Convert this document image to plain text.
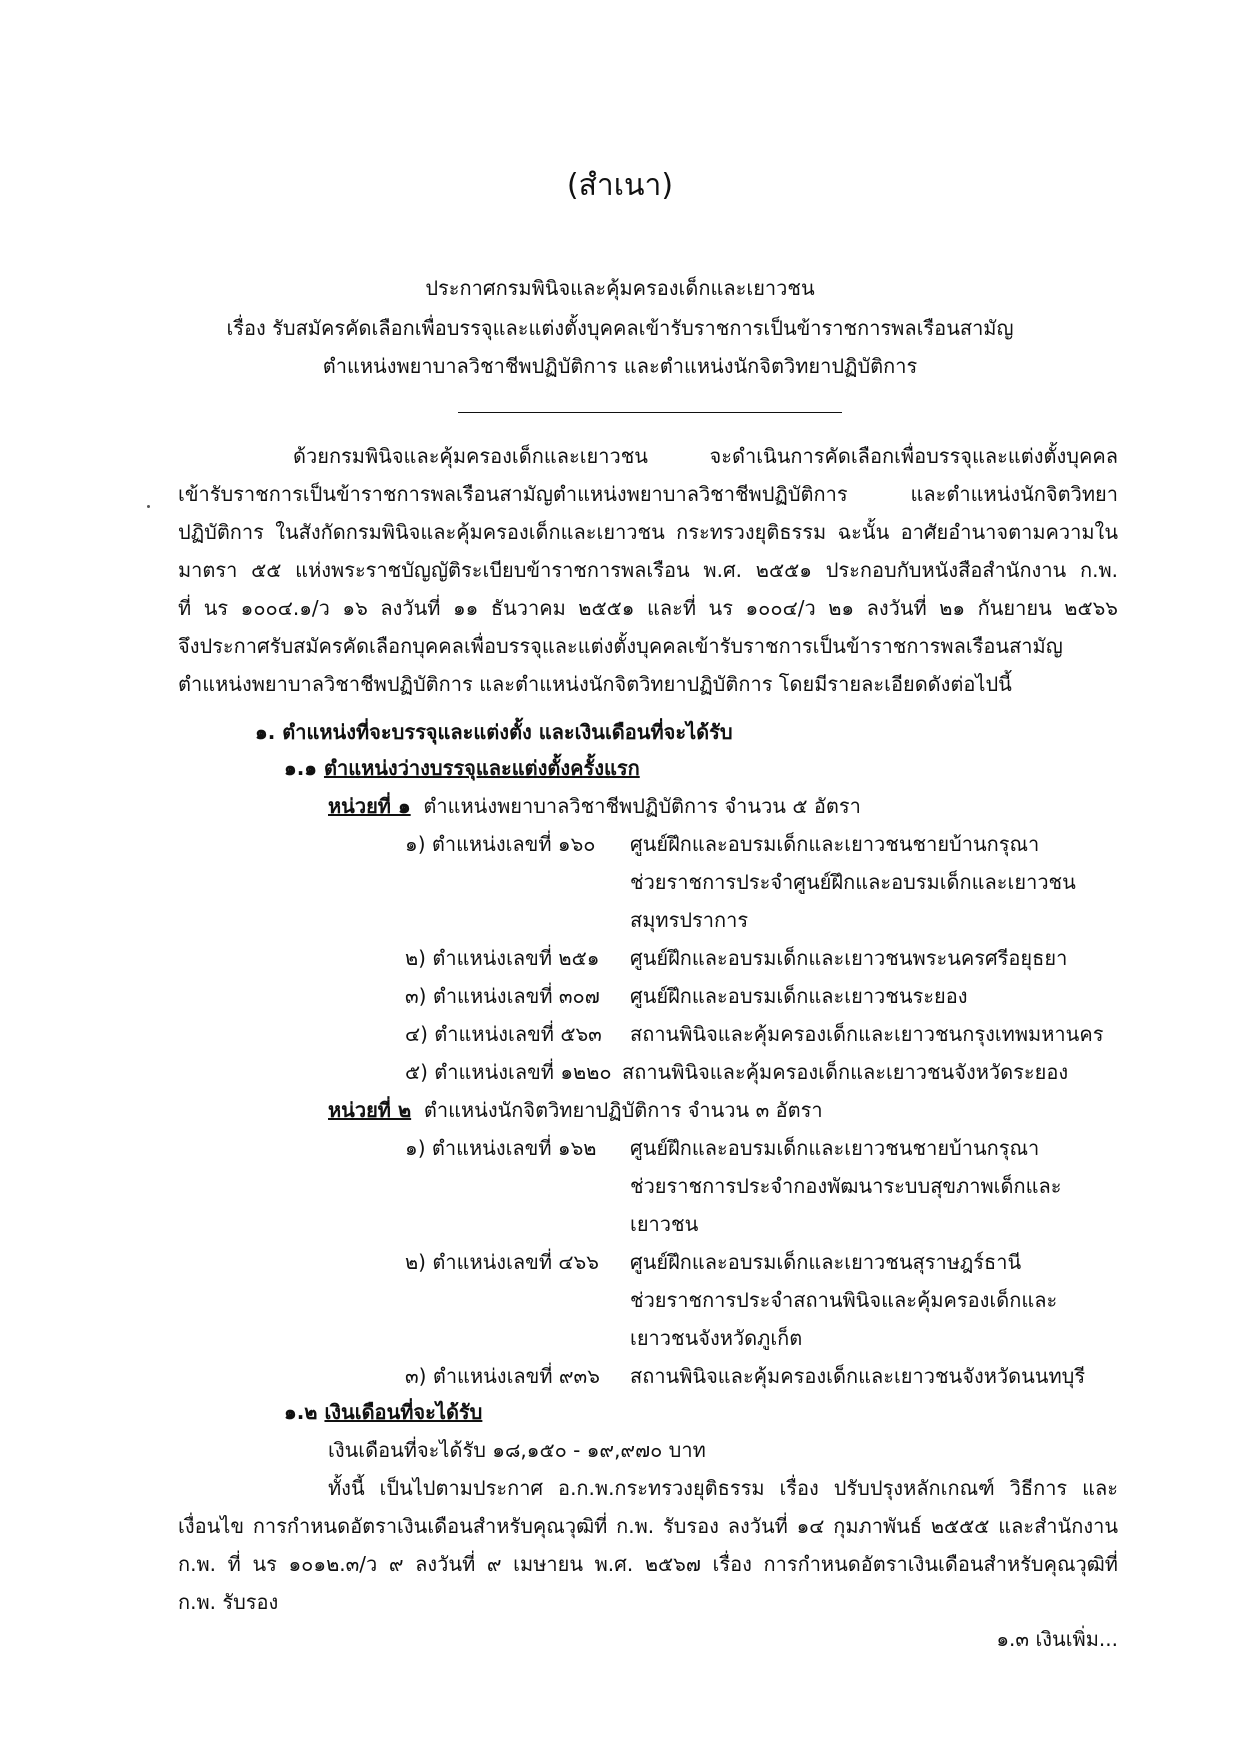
(สำเนา)
ประกาศกรมพินิจและคุ้มครองเด็กและเยาวชน
เรื่อง รับสมัครคัดเลือกเพื่อบรรจุและแต่งตั้งบุคคลเข้ารับราชการเป็นข้าราชการพลเรือนสามัญ
ตำแหน่งพยาบาลวิชาชีพปฏิบัติการ และตำแหน่งนักจิตวิทยาปฏิบัติการ
ด้วยกรมพินิจและคุ้มครองเด็กและเยาวชน จะดำเนินการคัดเลือกเพื่อบรรจุและแต่งตั้งบุคคล
เข้ารับราชการเป็นข้าราชการพลเรือนสามัญตำแหน่งพยาบาลวิชาชีพปฏิบัติการ และตำแหน่งนักจิตวิทยา
ปฏิบัติการ ในสังกัดกรมพินิจและคุ้มครองเด็กและเยาวชน กระทรวงยุติธรรม ฉะนั้น อาศัยอำนาจตามความใน
มาตรา ๕๕ แห่งพระราชบัญญัติระเบียบข้าราชการพลเรือน พ.ศ. ๒๕๕๑ ประกอบกับหนังสือสำนักงาน ก.พ.
ที่ นร ๑๐๐๔.๑/ว ๑๖ ลงวันที่ ๑๑ ธันวาคม ๒๕๕๑ และที่ นร ๑๐๐๔/ว ๒๑ ลงวันที่ ๒๑ กันยายน ๒๕๖๖
จึงประกาศรับสมัครคัดเลือกบุคคลเพื่อบรรจุและแต่งตั้งบุคคลเข้ารับราชการเป็นข้าราชการพลเรือนสามัญ
ตำแหน่งพยาบาลวิชาชีพปฏิบัติการ และตำแหน่งนักจิตวิทยาปฏิบัติการ โดยมีรายละเอียดดังต่อไปนี้
๑. ตำแหน่งที่จะบรรจุและแต่งตั้ง และเงินเดือนที่จะได้รับ
๑.๑ ตำแหน่งว่างบรรจุและแต่งตั้งครั้งแรก
หน่วยที่ ๑ ตำแหน่งพยาบาลวิชาชีพปฏิบัติการ จำนวน ๕ อัตรา
๑) ตำแหน่งเลขที่ ๑๖๐ ศูนย์ฝึกและอบรมเด็กและเยาวชนชายบ้านกรุณา
ช่วยราชการประจำศูนย์ฝึกและอบรมเด็กและเยาวชน
สมุทรปราการ
๒) ตำแหน่งเลขที่ ๒๕๑ ศูนย์ฝึกและอบรมเด็กและเยาวชนพระนครศรีอยุธยา
๓) ตำแหน่งเลขที่ ๓๐๗ ศูนย์ฝึกและอบรมเด็กและเยาวชนระยอง
๔) ตำแหน่งเลขที่ ๕๖๓ สถานพินิจและคุ้มครองเด็กและเยาวชนกรุงเทพมหานคร
๕) ตำแหน่งเลขที่ ๑๒๒๐ สถานพินิจและคุ้มครองเด็กและเยาวชนจังหวัดระยอง
หน่วยที่ ๒ ตำแหน่งนักจิตวิทยาปฏิบัติการ จำนวน ๓ อัตรา
๑) ตำแหน่งเลขที่ ๑๖๒ ศูนย์ฝึกและอบรมเด็กและเยาวชนชายบ้านกรุณา
ช่วยราชการประจำกองพัฒนาระบบสุขภาพเด็กและ
เยาวชน
๒) ตำแหน่งเลขที่ ๔๖๖ ศูนย์ฝึกและอบรมเด็กและเยาวชนสุราษฎร์ธานี
ช่วยราชการประจำสถานพินิจและคุ้มครองเด็กและ
เยาวชนจังหวัดภูเก็ต
๓) ตำแหน่งเลขที่ ๙๓๖ สถานพินิจและคุ้มครองเด็กและเยาวชนจังหวัดนนทบุรี
๑.๒ เงินเดือนที่จะได้รับ
เงินเดือนที่จะได้รับ ๑๘,๑๕๐ - ๑๙,๙๗๐ บาท
ทั้งนี้ เป็นไปตามประกาศ อ.ก.พ.กระทรวงยุติธรรม เรื่อง ปรับปรุงหลักเกณฑ์ วิธีการ และ
เงื่อนไข การกำหนดอัตราเงินเดือนสำหรับคุณวุฒิที่ ก.พ. รับรอง ลงวันที่ ๑๔ กุมภาพันธ์ ๒๕๕๕ และสำนักงาน
ก.พ. ที่ นร ๑๐๑๒.๓/ว ๙ ลงวันที่ ๙ เมษายน พ.ศ. ๒๕๖๗ เรื่อง การกำหนดอัตราเงินเดือนสำหรับคุณวุฒิที่
ก.พ. รับรอง
๑.๓ เงินเพิ่ม...
